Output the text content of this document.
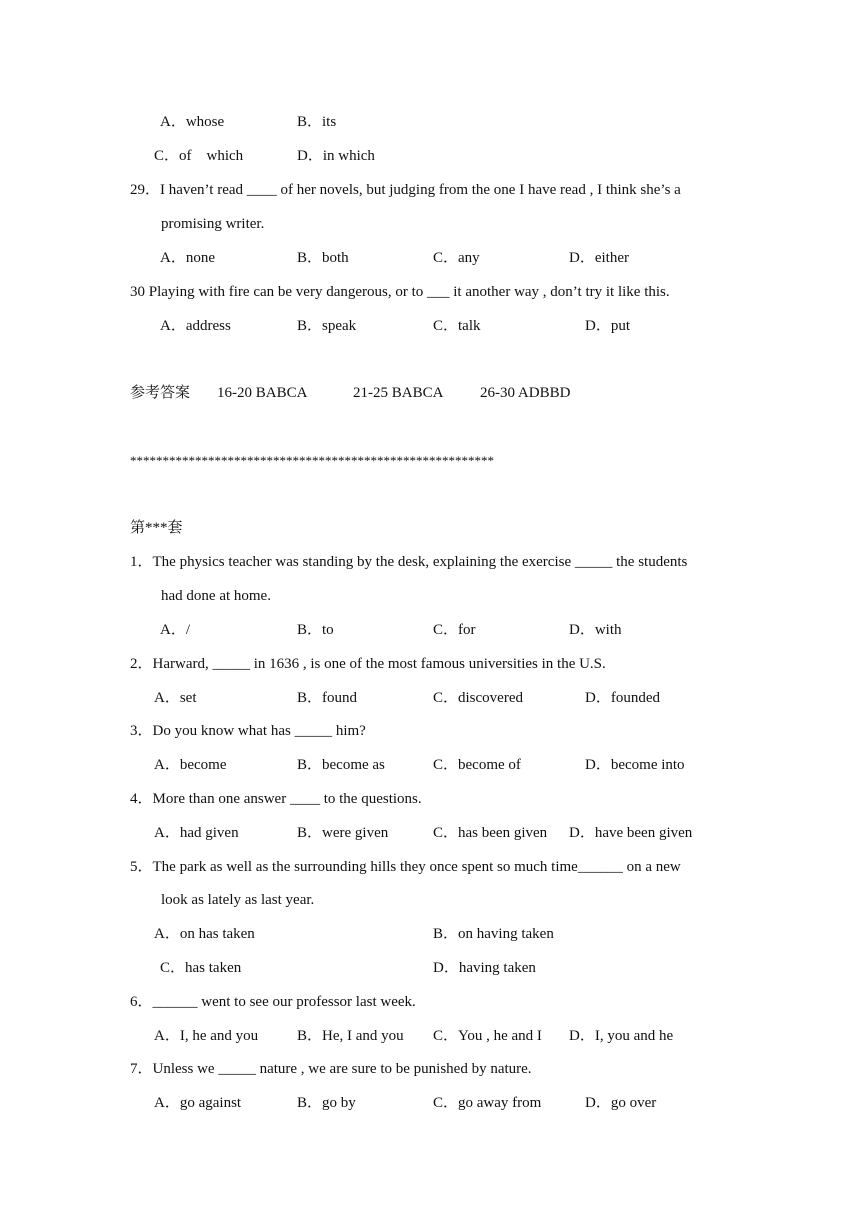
A．whose	B．its
C．of　which	D．in which
29．I haven’t read ____ of her novels, but judging from the one I have read , I think she’s a
promising writer.
A．none	B．both	C．any	D．either
30 Playing with fire can be very dangerous, or to ___ it another way , don’t try it like this.
A．address	B．speak	C．talk	D．put
参考答案 16-20 BABCA	21-25 BABCA 26-30 ADBBD
********************************************************
第***套
1．The physics teacher was standing by the desk, explaining the exercise _____ the students
had done at home.
A．/	B．to	C．for	D．with
2．Harward, _____ in 1636 , is one of the most famous universities in the U.S.
A．set	B．found	C．discovered	D．founded
3．Do you know what has _____ him?
A．become	B．become as	C．become of	D．become into
4．More than one answer ____ to the questions.
A．had given	B．were given	C．has been given D．have been given
5．The park as well as the surrounding hills they once spent so much time______ on a new
look as lately as last year.
A．on has taken	B．on having taken
C．has taken	D．having taken
6．______ went to see our professor last week.
A．I, he and you	B．He, I and you C．You , he and I D．I, you and he
7．Unless we _____ nature , we are sure to be punished by nature.
A．go against	B．go by	C．go away from	D．go over
